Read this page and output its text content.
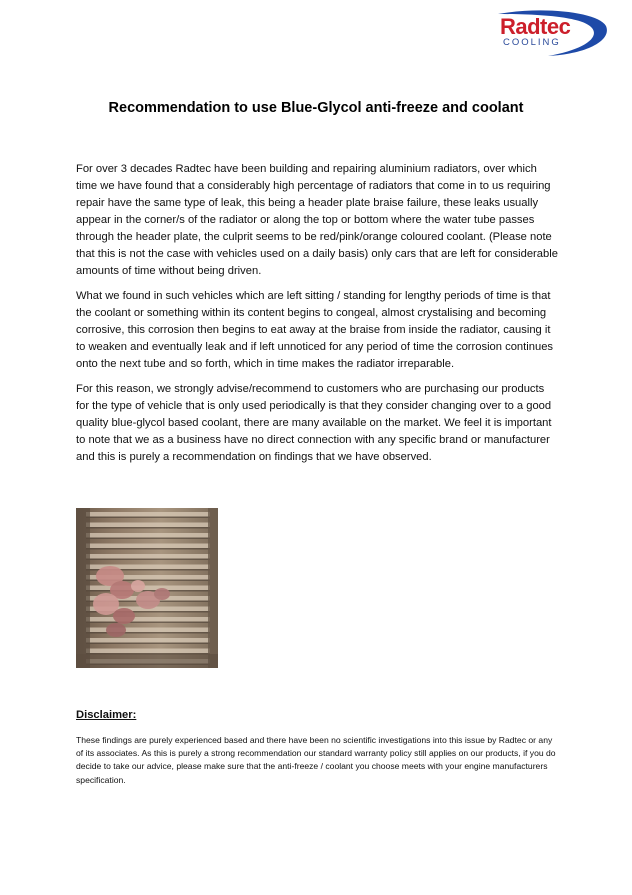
Radtec
COOLING
Recommendation to use Blue-Glycol anti-freeze and coolant

For over 3 decades Radtec have been building and repairing aluminium radiators, over which time we have found that a considerably high percentage of radiators that come in to us requiring repair have the same type of leak, this being a header plate braise failure, these leaks usually appear in the corner/s of the radiator or along the top or bottom where the water tube passes through the header plate, the culprit seems to be red/pink/orange coloured coolant. (Please note that this is not the case with vehicles used on a daily basis) only cars that are left for considerable amounts of time without being driven.

What we found in such vehicles which are left sitting / standing for lengthy periods of time is that the coolant or something within its content begins to congeal, almost crystalising and becoming corrosive, this corrosion then begins to eat away at the braise from inside the radiator, causing it to weaken and eventually leak and if left unnoticed for any period of time the corrosion continues onto the next tube and so forth, which in time makes the radiator irreparable.

For this reason, we strongly advise/recommend to customers who are purchasing our products for the type of vehicle that is only used periodically is that they consider changing over to a good quality blue-glycol based coolant, there are many available on the market. We feel it is important to note that we as a business have no direct connection with any specific brand or manufacturer and this is purely a recommendation on findings that we have observed.

Disclaimer:

These findings are purely experienced based and there have been no scientific investigations into this issue by Radtec or any of its associates. As this is purely a strong recommendation our standard warranty policy still applies on our products, if you do decide to take our advice, please make sure that the anti-freeze / coolant you choose meets with your engine manufacturers specification.
